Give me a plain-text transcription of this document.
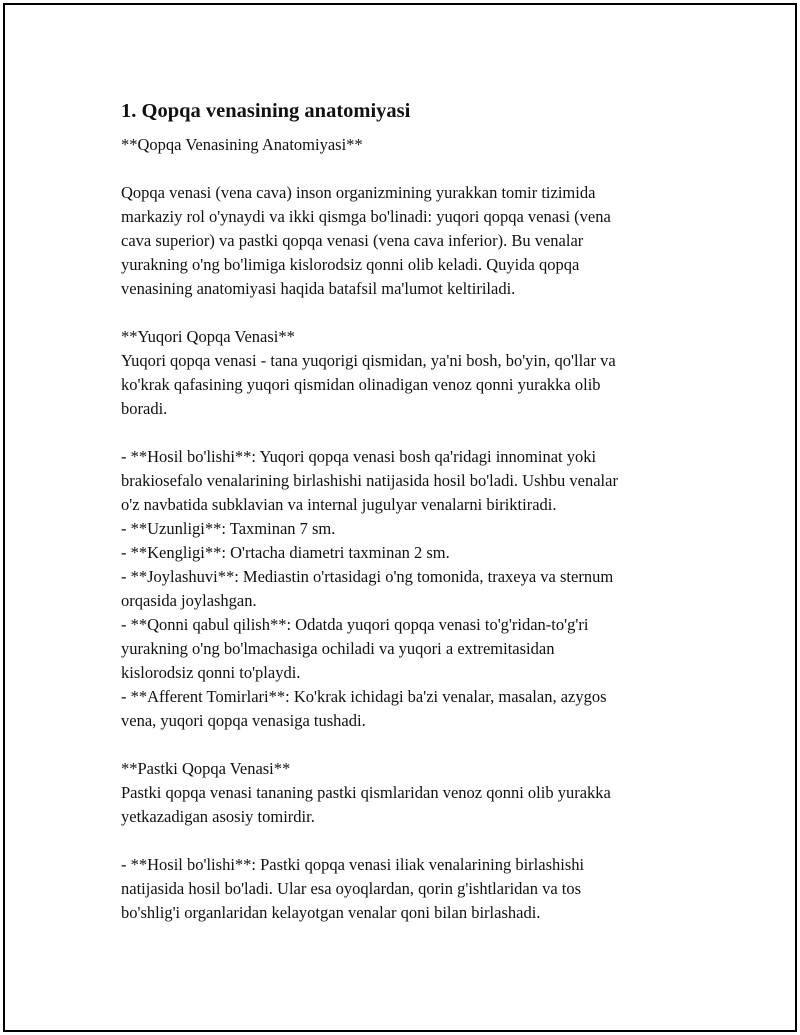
1. Qopqa venasining anatomiyasi
**Qopqa Venasining Anatomiyasi**
Qopqa venasi (vena cava) inson organizmining yurakkan tomir tizimida
markaziy rol o'ynaydi va ikki qismga bo'linadi: yuqori qopqa venasi (vena
cava superior) va pastki qopqa venasi (vena cava inferior). Bu venalar
yurakning o'ng bo'limiga kislorodsiz qonni olib keladi. Quyida qopqa
venasining anatomiyasi haqida batafsil ma'lumot keltiriladi.
**Yuqori Qopqa Venasi**
Yuqori qopqa venasi - tana yuqorigi qismidan, ya'ni bosh, bo'yin, qo'llar va
ko'krak qafasining yuqori qismidan olinadigan venoz qonni yurakka olib
boradi.
- **Hosil bo'lishi**: Yuqori qopqa venasi bosh qa'ridagi innominat yoki
brakiosefalo venalarining birlashishi natijasida hosil bo'ladi. Ushbu venalar
o'z navbatida subklavian va internal jugulyar venalarni biriktiradi.
- **Uzunligi**: Taxminan 7 sm.
- **Kengligi**: O'rtacha diametri taxminan 2 sm.
- **Joylashuvi**: Mediastin o'rtasidagi o'ng tomonida, traxeya va sternum
orqasida joylashgan.
- **Qonni qabul qilish**: Odatda yuqori qopqa venasi to'g'ridan-to'g'ri
yurakning o'ng bo'lmachasiga ochiladi va yuqori a extremitasidan
kislorodsiz qonni to'playdi.
- **Afferent Tomirlari**: Ko'krak ichidagi ba'zi venalar, masalan, azygos
vena, yuqori qopqa venasiga tushadi.
**Pastki Qopqa Venasi**
Pastki qopqa venasi tananing pastki qismlaridan venoz qonni olib yurakka
yetkazadigan asosiy tomirdir.
- **Hosil bo'lishi**: Pastki qopqa venasi iliak venalarining birlashishi
natijasida hosil bo'ladi. Ular esa oyoqlardan, qorin g'ishtlaridan va tos
bo'shlig'i organlaridan kelayotgan venalar qoni bilan birlashadi.
